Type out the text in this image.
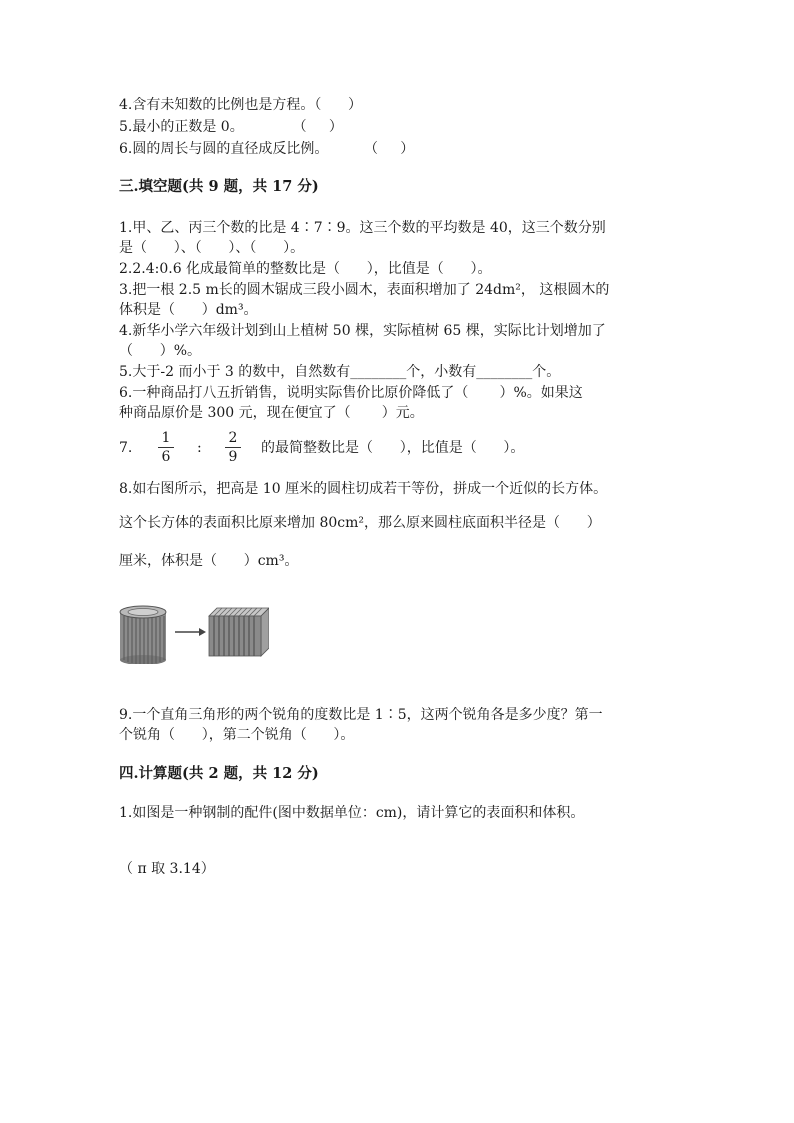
4.含有未知数的比例也是方程。（      ）
5.最小的正数是 0。           （     ）
6.圆的周长与圆的直径成反比例。        （     ）
三.填空题(共 9 题，共 17 分)
1.甲、乙、丙三个数的比是 4∶7∶9。这三个数的平均数是 40，这三个数分别
是（      ）、（      ）、（      ）。
2.2.4:0.6 化成最简单的整数比是（      ），比值是（      ）。
3.把一根 2.5 m长的圆木锯成三段小圆木，表面积增加了 24dm²， 这根圆木的
体积是（      ）dm³。
4.新华小学六年级计划到山上植树 50 棵，实际植树 65 棵，实际比计划增加了
（      ）%。
5.大于-2 而小于 3 的数中，自然数有________个，小数有________个。
6.一种商品打八五折销售，说明实际售价比原价降低了（       ）%。如果这
种商品原价是 300 元，现在便宜了（       ）元。
7.
1
6
:
2
9
的最简整数比是（      ），比值是（      ）。
8.如右图所示，把高是 10 厘米的圆柱切成若干等份，拼成一个近似的长方体。
这个长方体的表面积比原来增加 80cm²，那么原来圆柱底面积半径是（      ）
厘米，体积是（      ）cm³。
9.一个直角三角形的两个锐角的度数比是 1∶5，这两个锐角各是多少度？第一
个锐角（      ），第二个锐角（      ）。
四.计算题(共 2 题，共 12 分)
1.如图是一种钢制的配件(图中数据单位：cm)，请计算它的表面积和体积。
（ π 取 3.14）
